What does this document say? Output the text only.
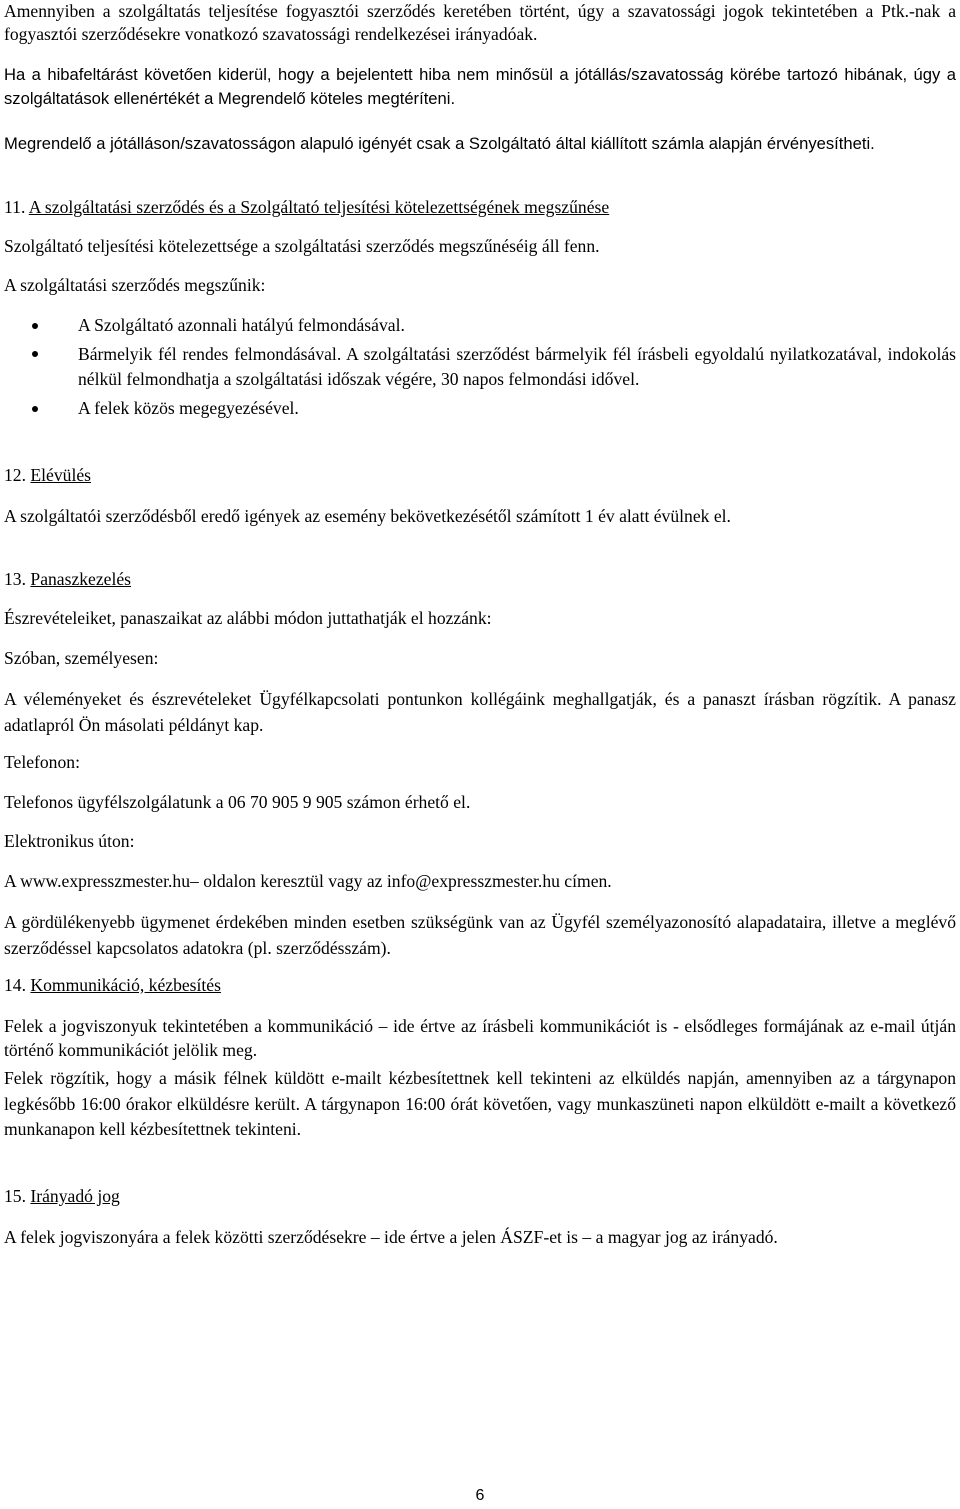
Amennyiben a szolgáltatás teljesítése fogyasztói szerződés keretében történt, úgy a szavatossági jogok tekintetében a Ptk.-nak a fogyasztói szerződésekre vonatkozó szavatossági rendelkezései irányadóak.

Ha a hibafeltárást követően kiderül, hogy a bejelentett hiba nem minősül a jótállás/szavatosság körébe tartozó hibának, úgy a szolgáltatások ellenértékét a Megrendelő köteles megtéríteni.

Megrendelő a jótálláson/szavatosságon alapuló igényét csak a Szolgáltató által kiállított számla alapján érvényesítheti.

11. A szolgáltatási szerződés és a Szolgáltató teljesítési kötelezettségének megszűnése

Szolgáltató teljesítési kötelezettsége a szolgáltatási szerződés megszűnéséig áll fenn.

A szolgáltatási szerződés megszűnik:

A Szolgáltató azonnali hatályú felmondásával.
Bármelyik fél rendes felmondásával. A szolgáltatási szerződést bármelyik fél írásbeli egyoldalú nyilatkozatával, indokolás nélkül felmondhatja a szolgáltatási időszak végére, 30 napos felmondási idővel.
A felek közös megegyezésével.

12. Elévülés

A szolgáltatói szerződésből eredő igények az esemény bekövetkezésétől számított 1 év alatt évülnek el.

13. Panaszkezelés

Észrevételeiket, panaszaikat az alábbi módon juttathatják el hozzánk:

Szóban, személyesen:

A véleményeket és észrevételeket Ügyfélkapcsolati pontunkon kollégáink meghallgatják, és a panaszt írásban rögzítik. A panasz adatlapról Ön másolati példányt kap.

Telefonon:

Telefonos ügyfélszolgálatunk a 06 70 905 9 905 számon érhető el.

Elektronikus úton:

A www.expresszmester.hu– oldalon keresztül vagy az info@expresszmester.hu címen.

A gördülékenyebb ügymenet érdekében minden esetben szükségünk van az Ügyfél személyazonosító alapadataira, illetve a meglévő szerződéssel kapcsolatos adatokra (pl. szerződésszám).

14. Kommunikáció, kézbesítés

Felek a jogviszonyuk tekintetében a kommunikáció – ide értve az írásbeli kommunikációt is - elsődleges formájának az e-mail útján történő kommunikációt jelölik meg.

Felek rögzítik, hogy a másik félnek küldött e-mailt kézbesítettnek kell tekinteni az elküldés napján, amennyiben az a tárgynapon legkésőbb 16:00 órakor elküldésre került. A tárgynapon 16:00 órát követően, vagy munkaszüneti napon elküldött e-mailt a következő munkanapon kell kézbesítettnek tekinteni.

15. Irányadó jog

A felek jogviszonyára a felek közötti szerződésekre – ide értve a jelen ÁSZF-et is – a magyar jog az irányadó.

6
